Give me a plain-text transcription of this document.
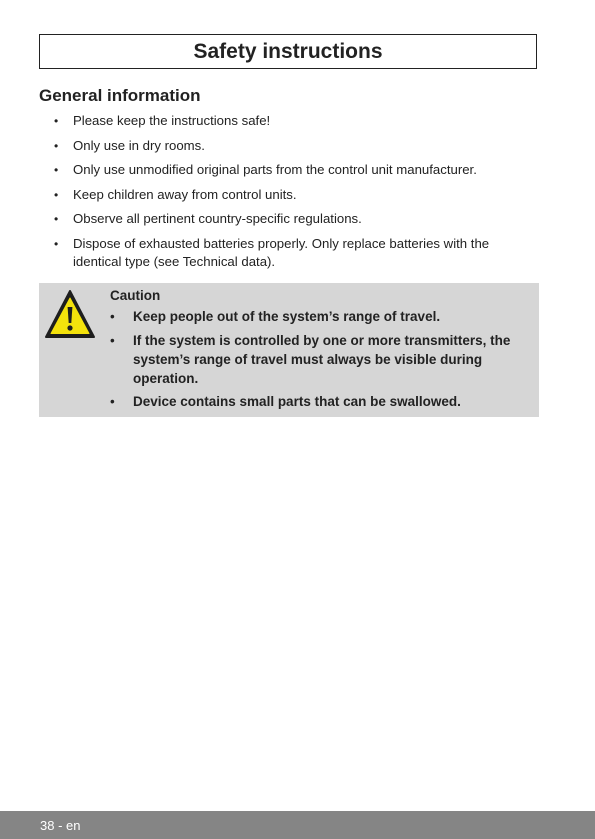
Safety instructions
General information
• Please keep the instructions safe!
• Only use in dry rooms.
• Only use unmodified original parts from the control unit manufacturer.
• Keep children away from control units.
• Observe all pertinent country-specific regulations.
• Dispose of exhausted batteries properly. Only replace batteries with the identical type (see Technical data).
Caution
• Keep people out of the system’s range of travel.
• If the system is controlled by one or more transmitters, the system’s range of travel must always be visible during operation.
• Device contains small parts that can be swallowed.
38 - en
